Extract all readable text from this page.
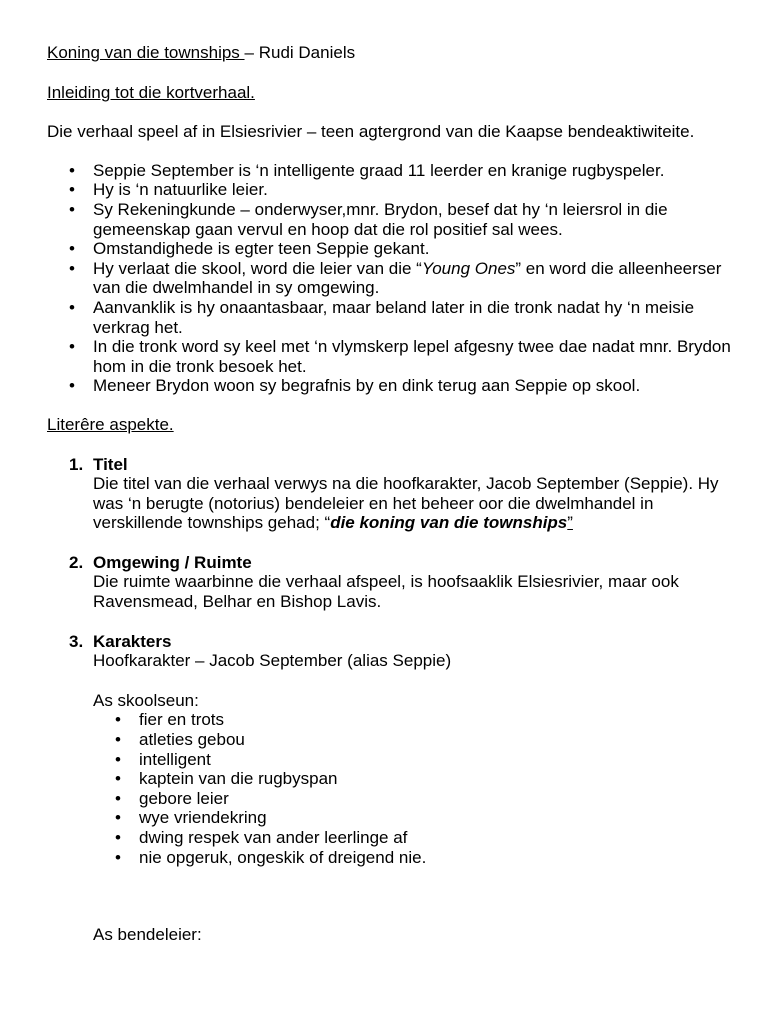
Koning van die townships – Rudi Daniels

Inleiding tot die kortverhaal.

Die verhaal speel af in Elsiesrivier – teen agtergrond van die Kaapse bendeaktiwiteite.

• Seppie September is ‘n intelligente graad 11 leerder en kranige rugbyspeler.
• Hy is ‘n natuurlike leier.
• Sy Rekeningkunde – onderwyser,mnr. Brydon, besef dat hy ‘n leiersrol in die gemeenskap gaan vervul en hoop dat die rol positief sal wees.
• Omstandighede is egter teen Seppie gekant.
• Hy verlaat die skool, word die leier van die “Young Ones” en word die alleenheerser van die dwelmhandel in sy omgewing.
• Aanvanklik is hy onaantasbaar, maar beland later in die tronk nadat hy ‘n meisie verkrag het.
• In die tronk word sy keel met ‘n vlymskerp lepel afgesny twee dae nadat mnr. Brydon hom in die tronk besoek het.
• Meneer Brydon woon sy begrafnis by en dink terug aan Seppie op skool.

Literêre aspekte.

1. Titel

Die titel van die verhaal verwys na die hoofkarakter, Jacob September (Seppie). Hy was ‘n berugte (notorius) bendeleier en het beheer oor die dwelmhandel in verskillende townships gehad; “die koning van die townships”

2. Omgewing / Ruimte

Die ruimte waarbinne die verhaal afspeel, is hoofsaaklik Elsiesrivier, maar ook Ravensmead, Belhar en Bishop Lavis.

3. Karakters

Hoofkarakter – Jacob September (alias Seppie)

As skoolseun:

• fier en trots
• atleties gebou
• intelligent
• kaptein van die rugbyspan
• gebore leier
• wye vriendekring
• dwing respek van ander leerlinge af
• nie opgeruk, ongeskik of dreigend nie.

As bendeleier:
